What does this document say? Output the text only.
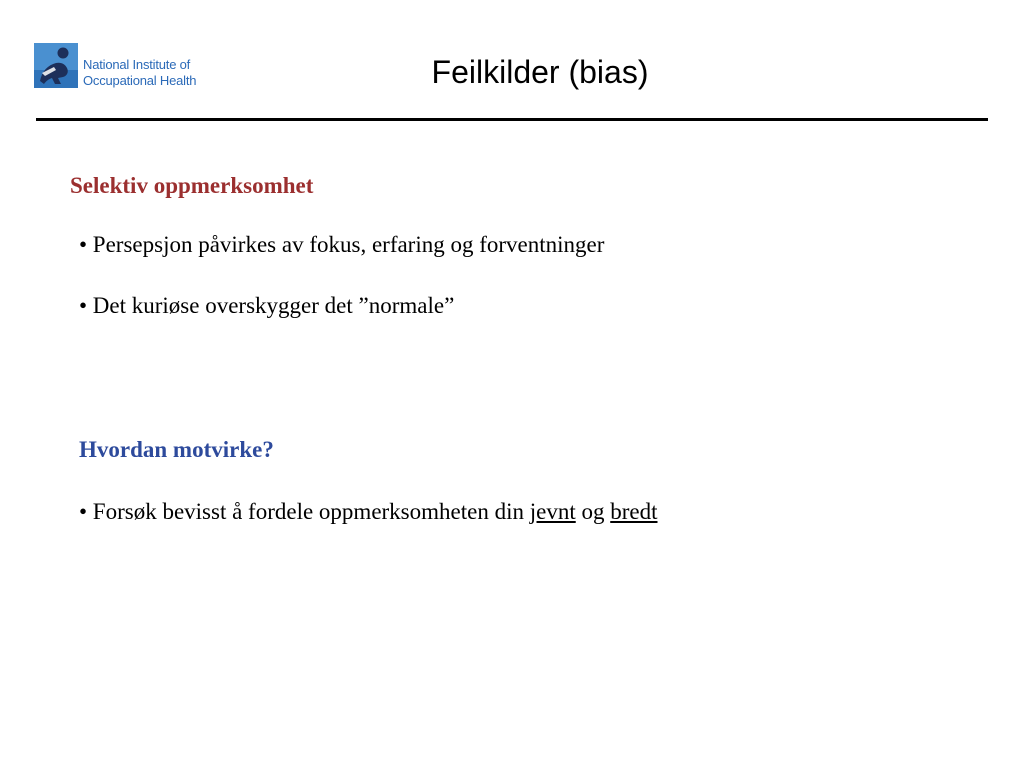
National Institute of
Occupational Health	Feilkilder (bias)
Selektiv oppmerksomhet
• Persepsjon påvirkes av fokus, erfaring og forventninger
• Det kuriøse overskygger det ”normale”
Hvordan motvirke?
• Forsøk bevisst å fordele oppmerksomheten din jevnt og bredt
